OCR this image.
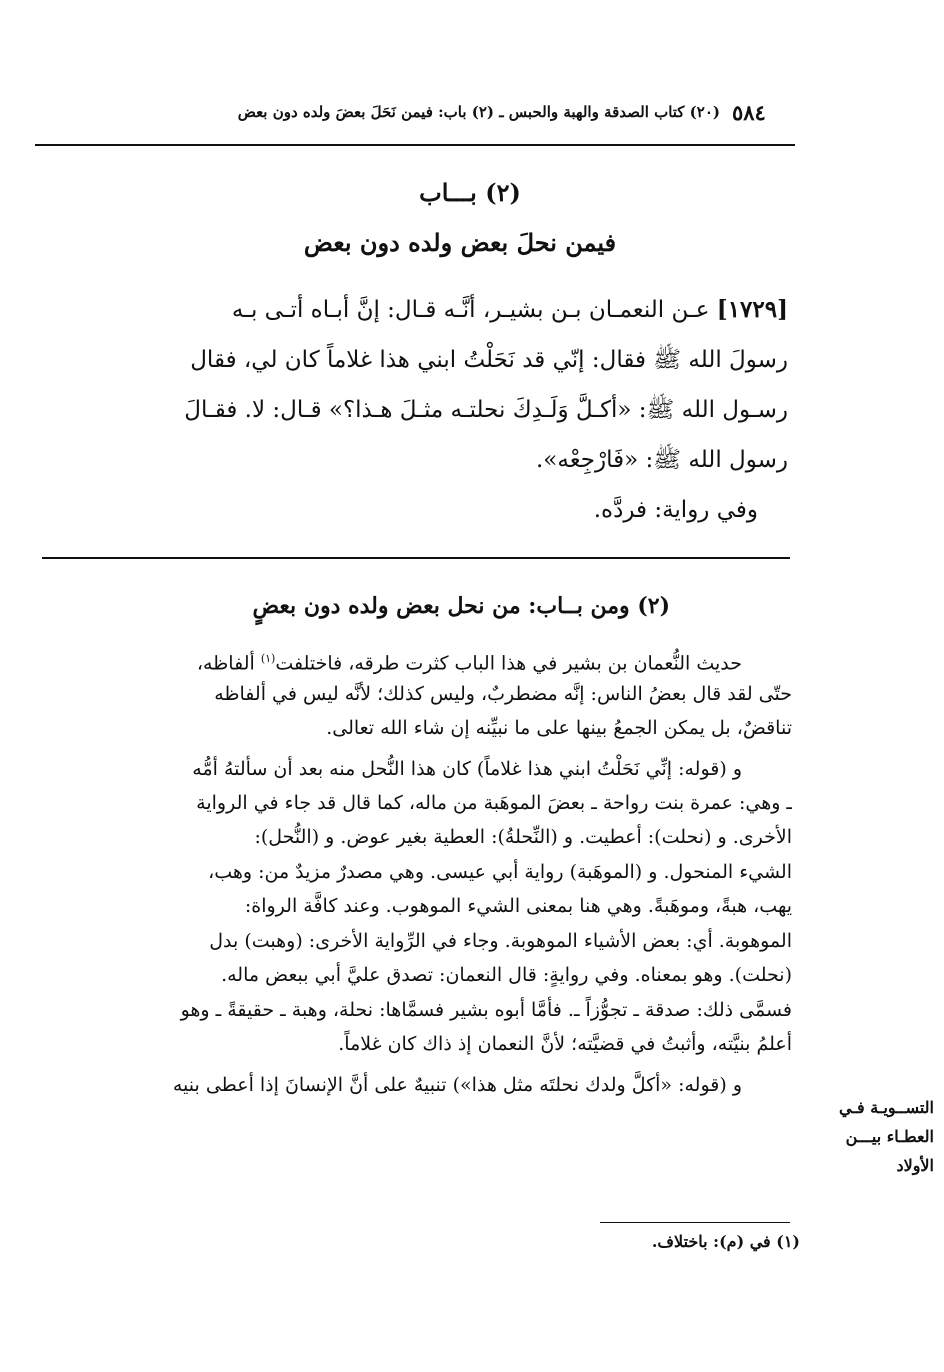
٥٨٤
(٢٠) كتاب الصدقة والهبة والحبس ـ (٢) باب: فيمن نَحَلَ بعضَ ولده دون بعض
(٢) بـــاب
فيمن نحلَ بعض ولده دون بعض
[١٧٢٩] عـن النعمـان بـن بشيـر، أنَّـه قـال: إنَّ أبـاه أتـى بـه
رسولَ الله ﷺ فقال: إنّي قد نَحَلْتُ ابني هذا غلاماً كان لي، فقال
رسـول الله ﷺ: «أكـلَّ وَلَـدِكَ نحلتـه مثـلَ هـذا؟» قـال: لا. فقـالَ
رسول الله ﷺ: «فَارْجِعْه».
وفي رواية: فردَّه.
(٢) ومن بــاب: من نحل بعض ولده دون بعضٍ
حديث النُّعمان بن بشير في هذا الباب كثرت طرقه، فاختلفت$^{(١)}$ ألفاظه،
حتّى لقد قال بعضُ الناس: إنَّه مضطربٌ، وليس كذلك؛ لأنَّه ليس في ألفاظه
تناقضٌ، بل يمكن الجمعُ بينها على ما نبيِّنه إن شاء الله تعالى.
و (قوله: إنِّي نَحَلْتُ ابني هذا غلاماً) كان هذا النُّحل منه بعد أن سألتهُ أمُّه
ـ وهي: عمرة بنت رواحة ـ بعضَ الموهَبة من ماله، كما قال قد جاء في الرواية
الأخرى. و (نحلت): أعطيت. و (النِّحلةُ): العطية بغير عوض. و (النُّحل):
الشيء المنحول. و (الموهَبة) رواية أبي عيسى. وهي مصدرٌ مزيدٌ من: وهب،
يهب، هبةً، وموهَبةً. وهي هنا بمعنى الشيء الموهوب. وعند كافَّة الرواة:
الموهوبة. أي: بعض الأشياء الموهوبة. وجاء في الرِّواية الأخرى: (وهبت) بدل
(نحلت). وهو بمعناه. وفي روايةٍ: قال النعمان: تصدق عليَّ أبي ببعض ماله.
فسمَّى ذلك: صدقة ـ تجوُّزاً ـ. فأمَّا أبوه بشير فسمَّاها: نحلة، وهبة ـ حقيقةً ـ وهو
أعلمُ بنيَّته، وأثبتُ في قضيَّته؛ لأنَّ النعمان إذ ذاك كان غلاماً.
و (قوله: «أكلَّ ولدك نحلتَه مثل هذا») تنبيهٌ على أنَّ الإنسانَ إذا أعطى بنيه
التســويـة فـي
العطـاء بيـــن
الأولاد
(١) في (م): باختلاف.
